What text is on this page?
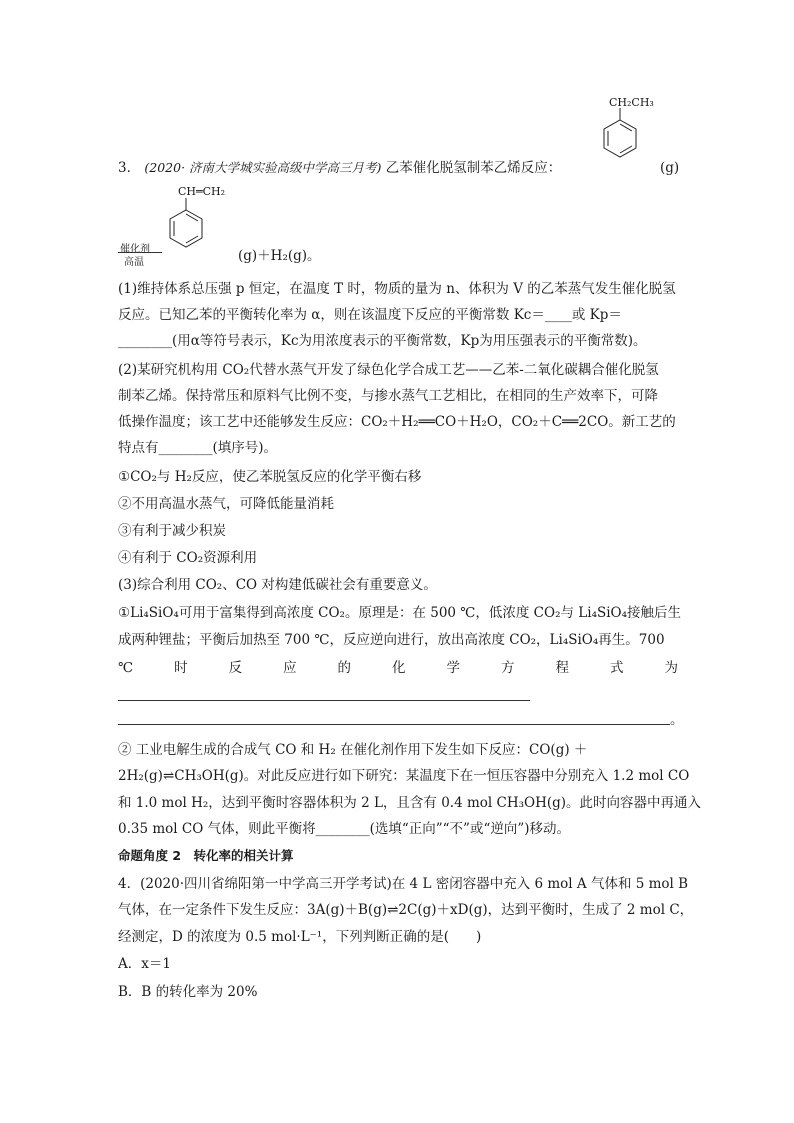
3． (2020· 济南大学城实验高级中学高三月考) 乙苯催化脱氢制苯乙烯反应：
CH₂CH₃
(g)
CH═CH₂
催化剂
高温	(g)＋H₂(g)。
(1)维持体系总压强 p 恒定，在温度 T 时，物质的量为 n、体积为 V 的乙苯蒸气发生催化脱氢
反应。已知乙苯的平衡转化率为 α，则在该温度下反应的平衡常数 Kc＝____或 Kp＝
________(用α等符号表示，Kc为用浓度表示的平衡常数，Kp为用压强表示的平衡常数)。
(2)某研究机构用 CO₂代替水蒸气开发了绿色化学合成工艺——乙苯-二氧化碳耦合催化脱氢
制苯乙烯。保持常压和原料气比例不变，与掺水蒸气工艺相比，在相同的生产效率下，可降
低操作温度；该工艺中还能够发生反应：CO₂＋H₂══CO＋H₂O，CO₂＋C══2CO。新工艺的
特点有________(填序号)。
①CO₂与 H₂反应，使乙苯脱氢反应的化学平衡右移
②不用高温水蒸气，可降低能量消耗
③有利于减少积炭
④有利于 CO₂资源利用
(3)综合利用 CO₂、CO 对构建低碳社会有重要意义。
①Li₄SiO₄可用于富集得到高浓度 CO₂。原理是：在 500 ℃，低浓度 CO₂与 Li₄SiO₄接触后生
成两种锂盐；平衡后加热至 700 ℃，反应逆向进行，放出高浓度 CO₂，Li₄SiO₄再生。700
℃	时	反	应	的	化	学	方	程	式	为
。
② 工业电解生成的合成气 CO 和 H₂ 在催化剂作用下发生如下反应：CO(g) ＋
2H₂(g)⇌CH₃OH(g)。对此反应进行如下研究：某温度下在一恒压容器中分别充入 1.2 mol CO
和 1.0 mol H₂，达到平衡时容器体积为 2 L，且含有 0.4 mol CH₃OH(g)。此时向容器中再通入
0.35 mol CO 气体，则此平衡将________(选填“正向”“不”或“逆向”)移动。
命题角度 2　转化率的相关计算
4．(2020·四川省绵阳第一中学高三开学考试)在 4 L 密闭容器中充入 6 mol A 气体和 5 mol B
气体，在一定条件下发生反应：3A(g)＋B(g)⇌2C(g)＋xD(g)，达到平衡时，生成了 2 mol C，
经测定，D 的浓度为 0.5 mol·L⁻¹，下列判断正确的是(　　)
A．x＝1
B．B 的转化率为 20%
